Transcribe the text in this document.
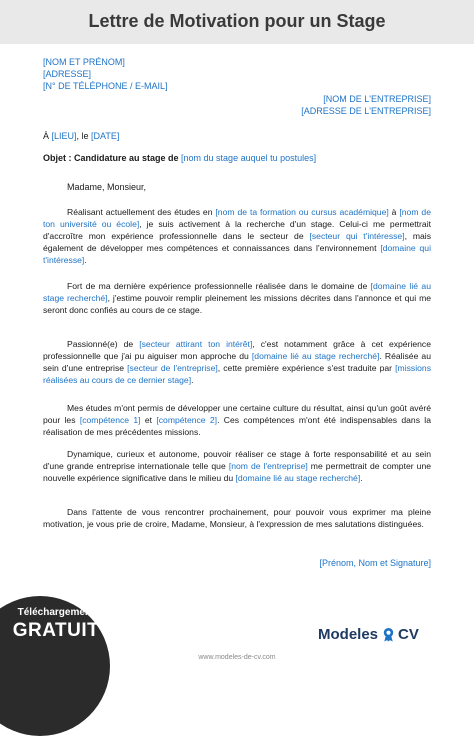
Lettre de Motivation pour un Stage
[NOM ET PRÉNOM]
[ADRESSE]
[N° DE TÉLÉPHONE / E-MAIL]
[NOM DE L'ENTREPRISE]
[ADRESSE DE L'ENTREPRISE]
À [LIEU], le [DATE]
Objet : Candidature au stage de [nom du stage auquel tu postules]
Madame, Monsieur,
Réalisant actuellement des études en [nom de ta formation ou cursus académique] à [nom de ton université ou école], je suis activement à la recherche d'un stage. Celui-ci me permettrait d'accroître mon expérience professionnelle dans le secteur de [secteur qui t'intéresse], mais également de développer mes compétences et connaissances dans l'environnement [domaine qui t'intéresse].
Fort de ma dernière expérience professionnelle réalisée dans le domaine de [domaine lié au stage recherché], j'estime pouvoir remplir pleinement les missions décrites dans l'annonce et qui me seront donc confiés au cours de ce stage.
Passionné(e) de [secteur attirant ton intérêt], c'est notamment grâce à cet expérience professionnelle que j'ai pu aiguiser mon approche du [domaine lié au stage recherché]. Réalisée au sein d'une entreprise [secteur de l'entreprise], cette première expérience s'est traduite par [missions réalisées au cours de ce dernier stage].
Mes études m'ont permis de développer une certaine culture du résultat, ainsi qu'un goût avéré pour les [compétence 1] et [compétence 2]. Ces compétences m'ont été indispensables dans la réalisation de mes précédentes missions.
Dynamique, curieux et autonome, pouvoir réaliser ce stage à forte responsabilité et au sein d'une grande entreprise internationale telle que [nom de l'entreprise] me permettrait de compter une nouvelle expérience significative dans le milieu du [domaine lié au stage recherché].
Dans l'attente de vous rencontrer prochainement, pour pouvoir vous exprimer ma pleine motivation, je vous prie de croire, Madame, Monsieur, à l'expression de mes salutations distinguées.
[Prénom, Nom et Signature]
Téléchargement
GRATUIT	Modeles CV
www.modeles-de-cv.com
